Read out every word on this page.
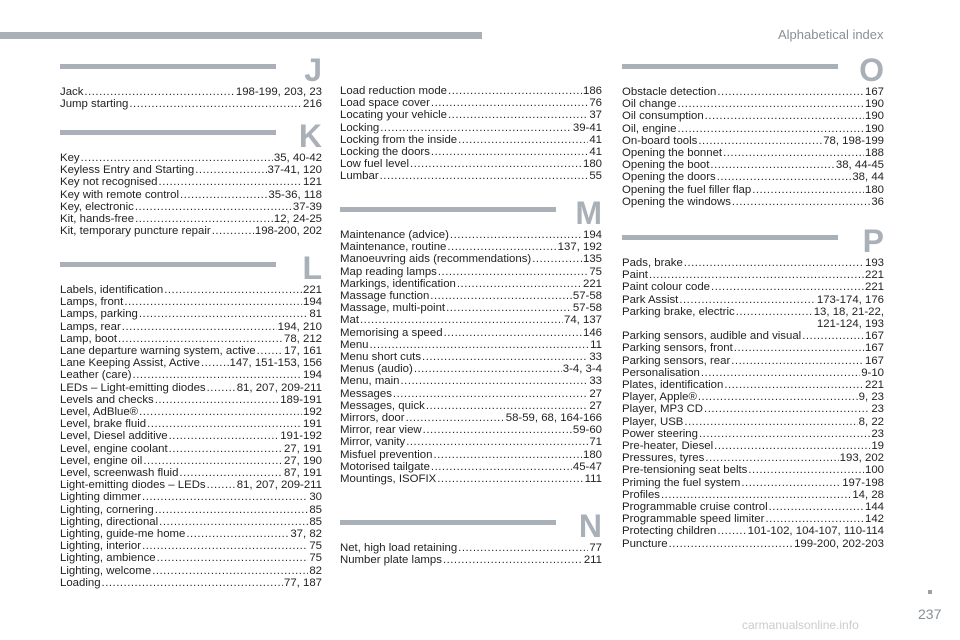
Alphabetical index
J
Jack .....	198-199, 203, 23
Jump starting .....	216
K
Key .....	35, 40-42
Keyless Entry and Starting .....	37-41, 120
Key not recognised .....	121
Key with remote control .....	35-36, 118
Key, electronic .....	37-39
Kit, hands-free .....	12, 24-25
Kit, temporary puncture repair .....	198-200, 202
L
Labels, identification .....	221
Lamps, front .....	194
Lamps, parking .....	81
Lamps, rear .....	194, 210
Lamp, boot .....	78, 212
Lane departure warning system, active ..... 17, 161
Lane Keeping Assist, Active .....	147, 151-153, 156
Leather (care) .....	194
LEDs – Light-emitting diodes .....	81, 207, 209-211
Levels and checks .....	189-191
Level, AdBlue® .....	192
Level, brake fluid .....	191
Level, Diesel additive .....	191-192
Level, engine coolant .....	27, 191
Level, engine oil .....	27, 190
Level, screenwash fluid .....	87, 191
Light-emitting diodes – LEDs .....	81, 207, 209-211
Lighting dimmer .....	30
Lighting, cornering .....	85
Lighting, directional .....	85
Lighting, guide-me home .....	37, 82
Lighting, interior .....	75
Lighting, ambience .....	75
Lighting, welcome .....	82
Loading .....	77, 187
Load reduction mode .....	186
Load space cover .....	76
Locating your vehicle .....	37
Locking .....	39-41
Locking from the inside .....	41
Locking the doors .....	41
Low fuel level .....	180
Lumbar .....	55
M
Maintenance (advice) .....	194
Maintenance, routine .....	137, 192
Manoeuvring aids (recommendations) .....	135
Map reading lamps .....	75
Markings, identification .....	221
Massage function .....	57-58
Massage, multi-point .....	57-58
Mat .....	74, 137
Memorising a speed .....	146
Menu .....	11
Menu short cuts .....	33
Menus (audio) .....	3-4, 3-4
Menu, main .....	33
Messages .....	27
Messages, quick .....	27
Mirrors, door .....	58-59, 68, 164-166
Mirror, rear view .....	59-60
Mirror, vanity .....	71
Misfuel prevention .....	180
Motorised tailgate .....	45-47
Mountings, ISOFIX .....	111
N
Net, high load retaining .....	77
Number plate lamps .....	211
O
Obstacle detection .....	167
Oil change .....	190
Oil consumption .....	190
Oil, engine .....	190
On-board tools .....	78, 198-199
Opening the bonnet .....	188
Opening the boot .....	38, 44-45
Opening the doors .....	38, 44
Opening the fuel filler flap .....	180
Opening the windows .....	36
P
Pads, brake .....	193
Paint .....	221
Paint colour code .....	221
Park Assist .....	173-174, 176
Parking brake, electric .....	13, 18, 21-22,
121-124, 193
Parking sensors, audible and visual .....	167
Parking sensors, front .....	167
Parking sensors, rear .....	167
Personalisation .....	9-10
Plates, identification .....	221
Player, Apple® .....	9, 23
Player, MP3 CD .....	23
Player, USB .....	8, 22
Power steering .....	23
Pre-heater, Diesel .....	19
Pressures, tyres .....	193, 202
Pre-tensioning seat belts .....	100
Priming the fuel system .....	197-198
Profiles .....	14, 28
Programmable cruise control .....	144
Programmable speed limiter .....	142
Protecting children .....	101-102, 104-107, 110-114
Puncture .....	199-200, 202-203
237
carmanualsonline.info
